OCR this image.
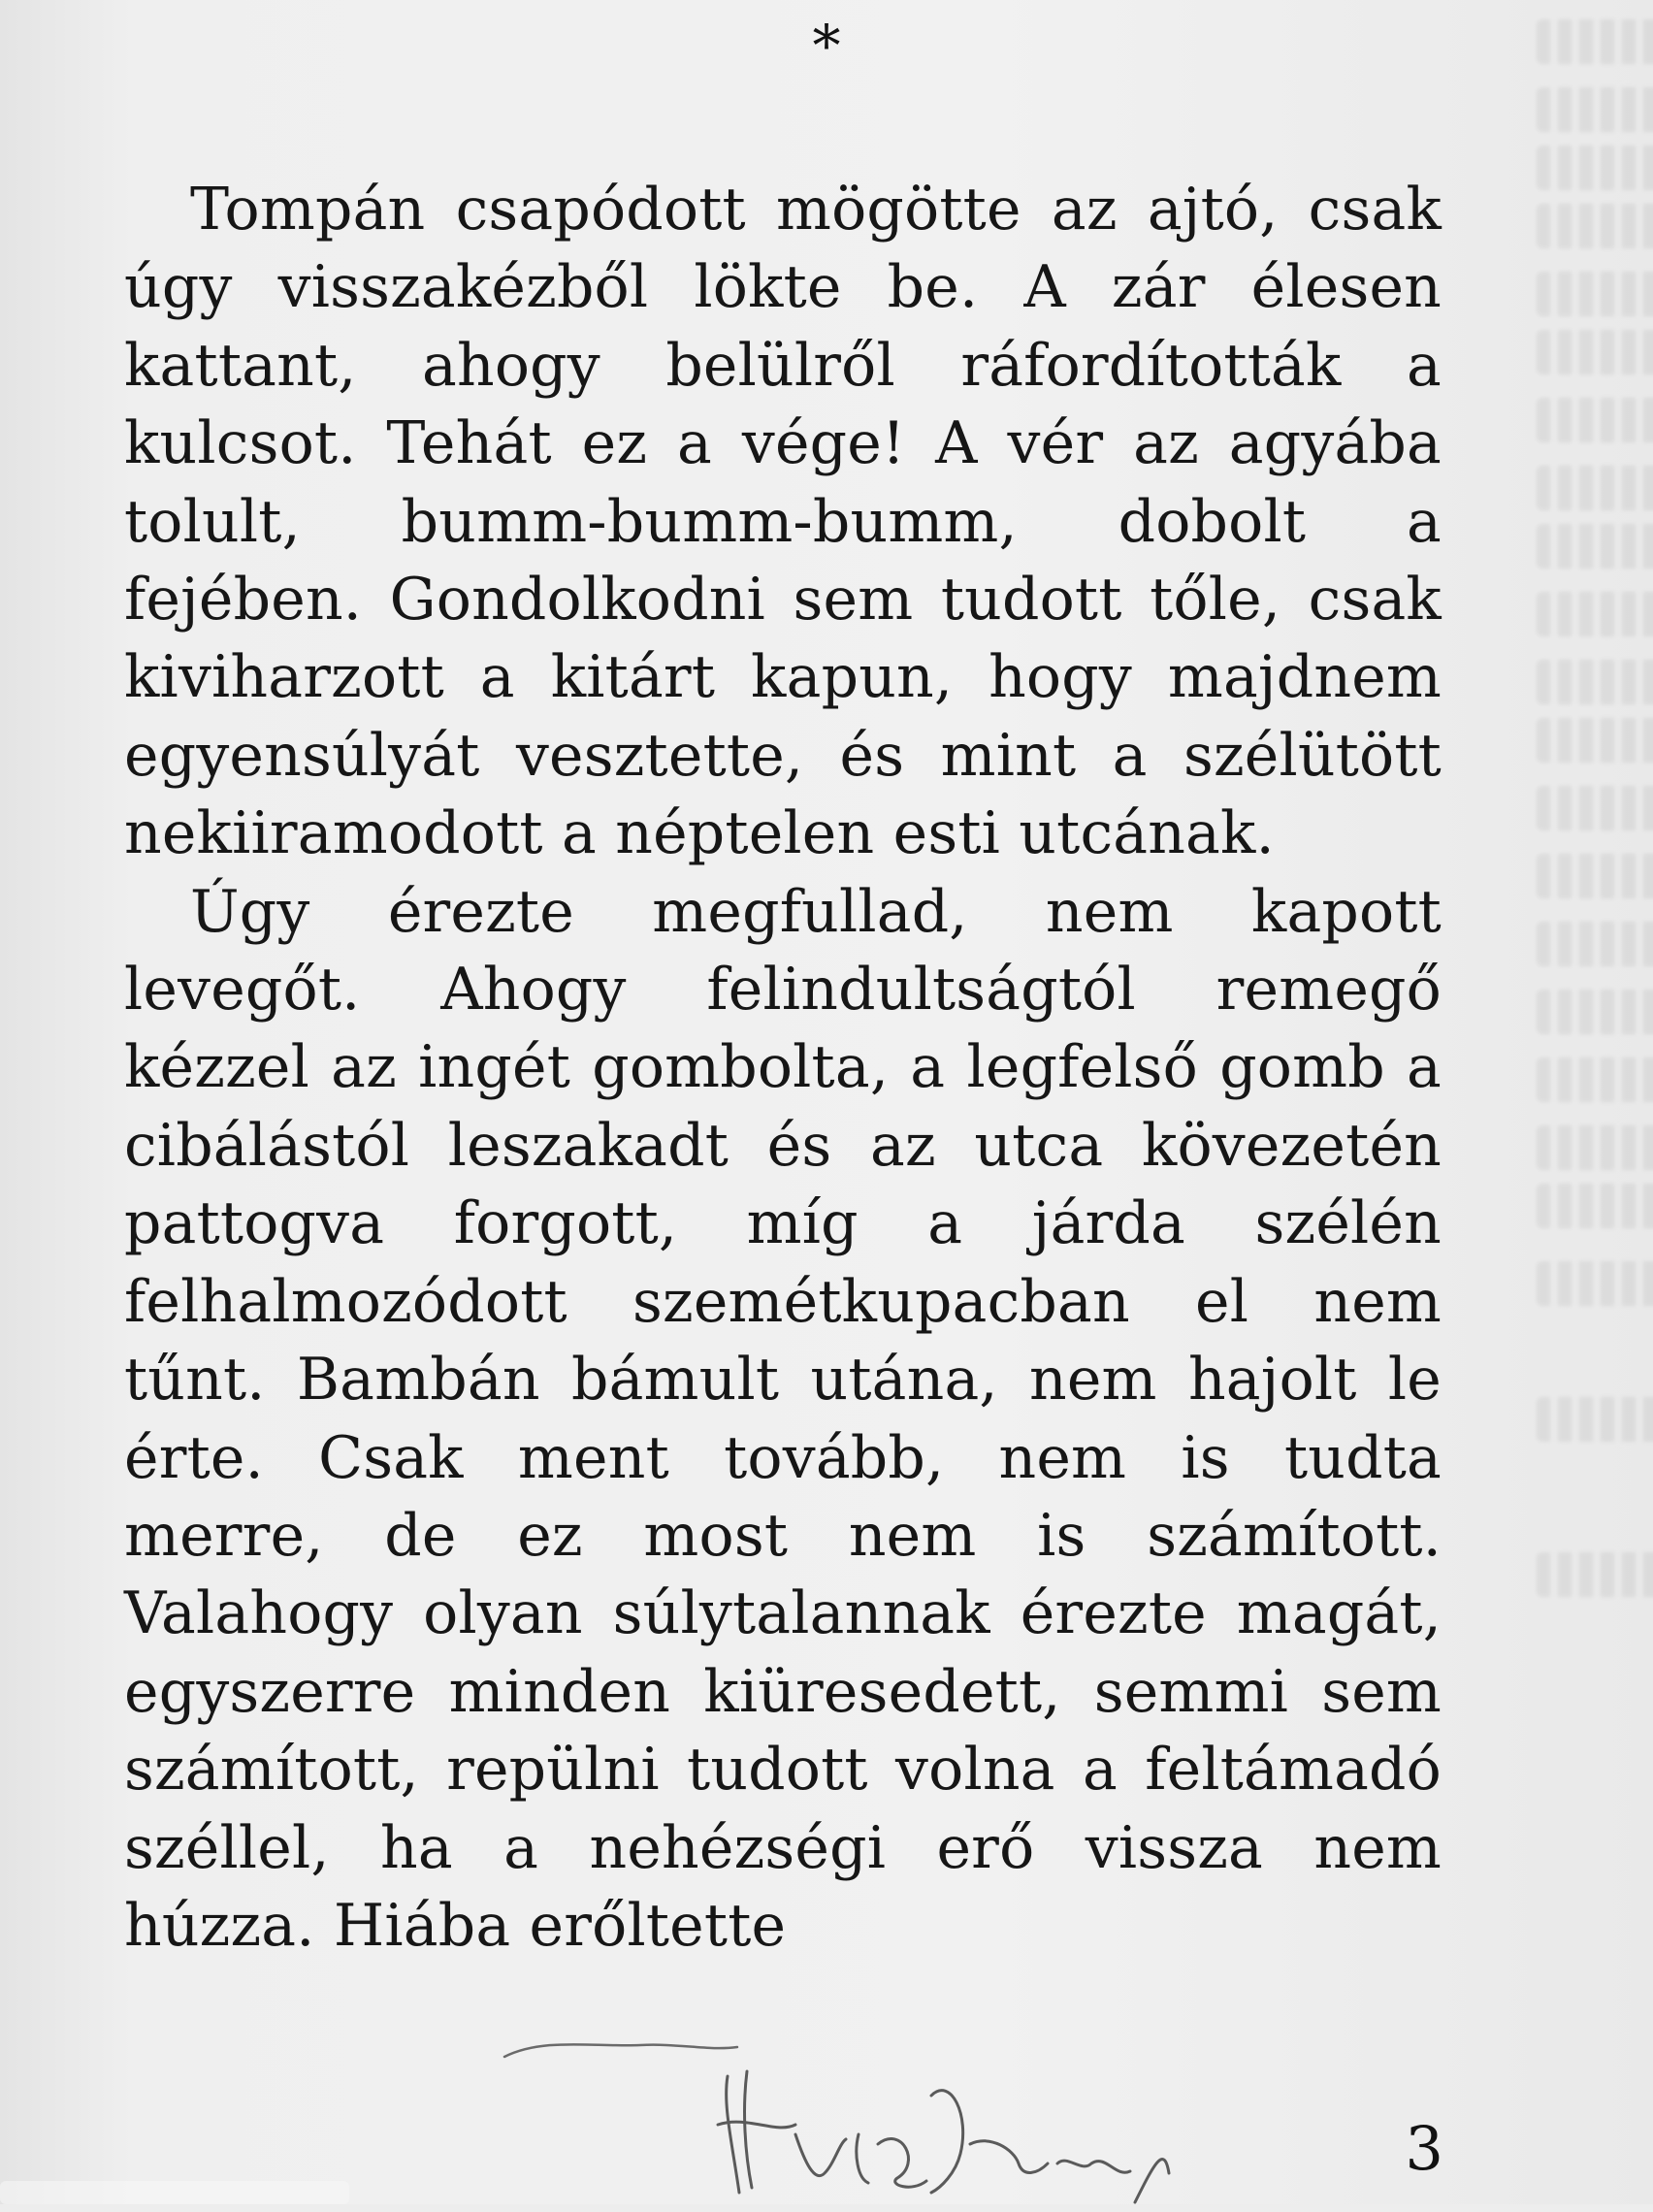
*

Tompán csapódott mögötte az ajtó, csak úgy visszakézből lökte be. A zár élesen kattant, ahogy belülről ráfordították a kulcsot. Tehát ez a vége! A vér az agyába tolult, bumm-bumm-bumm, dobolt a fejében. Gondolkodni sem tudott tőle, csak kiviharzott a kitárt kapun, hogy majdnem egyensúlyát vesztette, és mint a szélütött nekiiramodott a néptelen esti utcának.

Úgy érezte megfullad, nem kapott levegőt. Ahogy felindultságtól remegő kézzel az ingét gombolta, a legfelső gomb a cibálástól leszakadt és az utca kövezetén pattogva forgott, míg a járda szélén felhalmozódott szemétkupacban el nem tűnt. Bambán bámult utána, nem hajolt le érte. Csak ment tovább, nem is tudta merre, de ez most nem is számított. Valahogy olyan súlytalannak érezte magát, egyszerre minden kiüresedett, semmi sem számított, repülni tudott volna a feltámadó széllel, ha a nehézségi erő vissza nem húzza. Hiába erőltette

3
